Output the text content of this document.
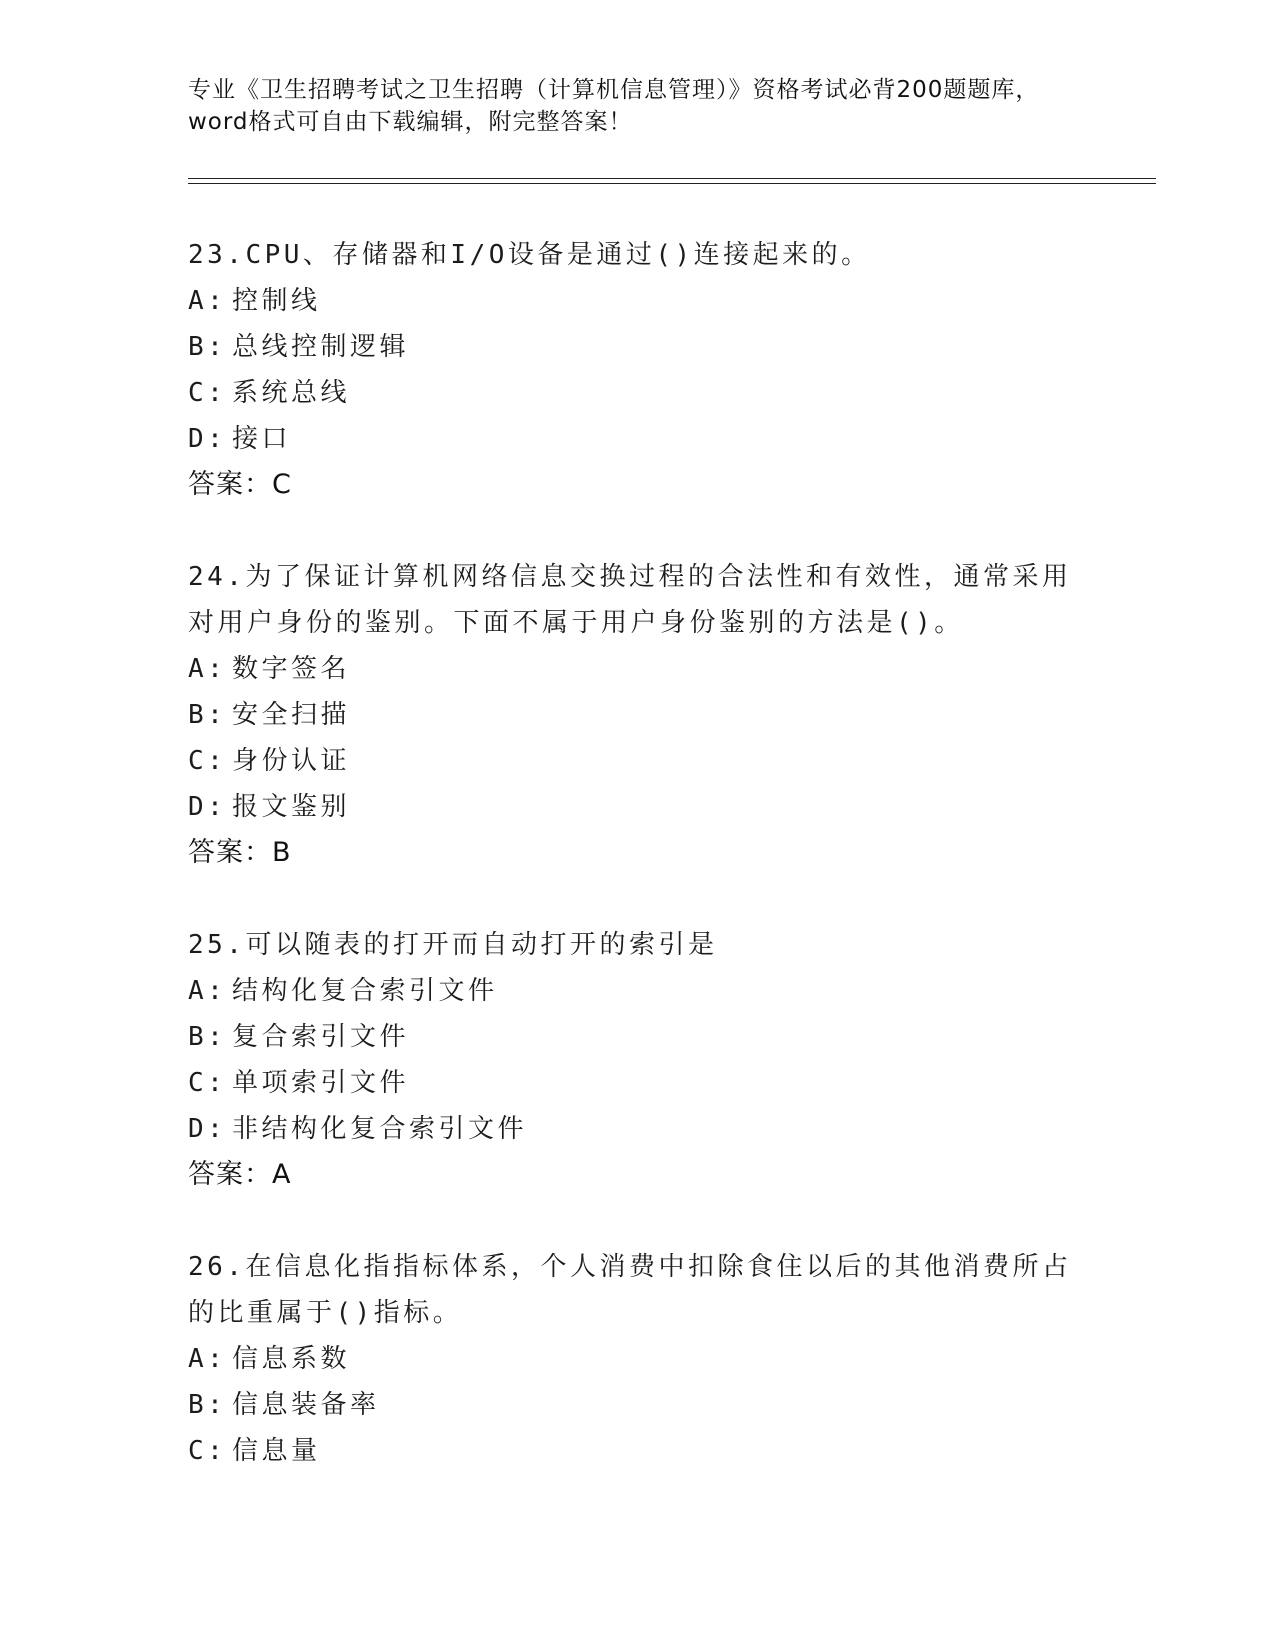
专业《卫生招聘考试之卫生招聘（计算机信息管理）》资格考试必背200题题库，
word格式可自由下载编辑，附完整答案！
23.CPU、存储器和I/O设备是通过()连接起来的。
A: 控制线
B: 总线控制逻辑
C: 系统总线
D: 接口
答案：C
24.为了保证计算机网络信息交换过程的合法性和有效性，通常采用对用户身份的鉴别。下面不属于用户身份鉴别的方法是()。
A: 数字签名
B: 安全扫描
C: 身份认证
D: 报文鉴别
答案：B
25.可以随表的打开而自动打开的索引是
A: 结构化复合索引文件
B: 复合索引文件
C: 单项索引文件
D: 非结构化复合索引文件
答案：A
26.在信息化指指标体系，个人消费中扣除食住以后的其他消费所占的比重属于()指标。
A: 信息系数
B: 信息装备率
C: 信息量
